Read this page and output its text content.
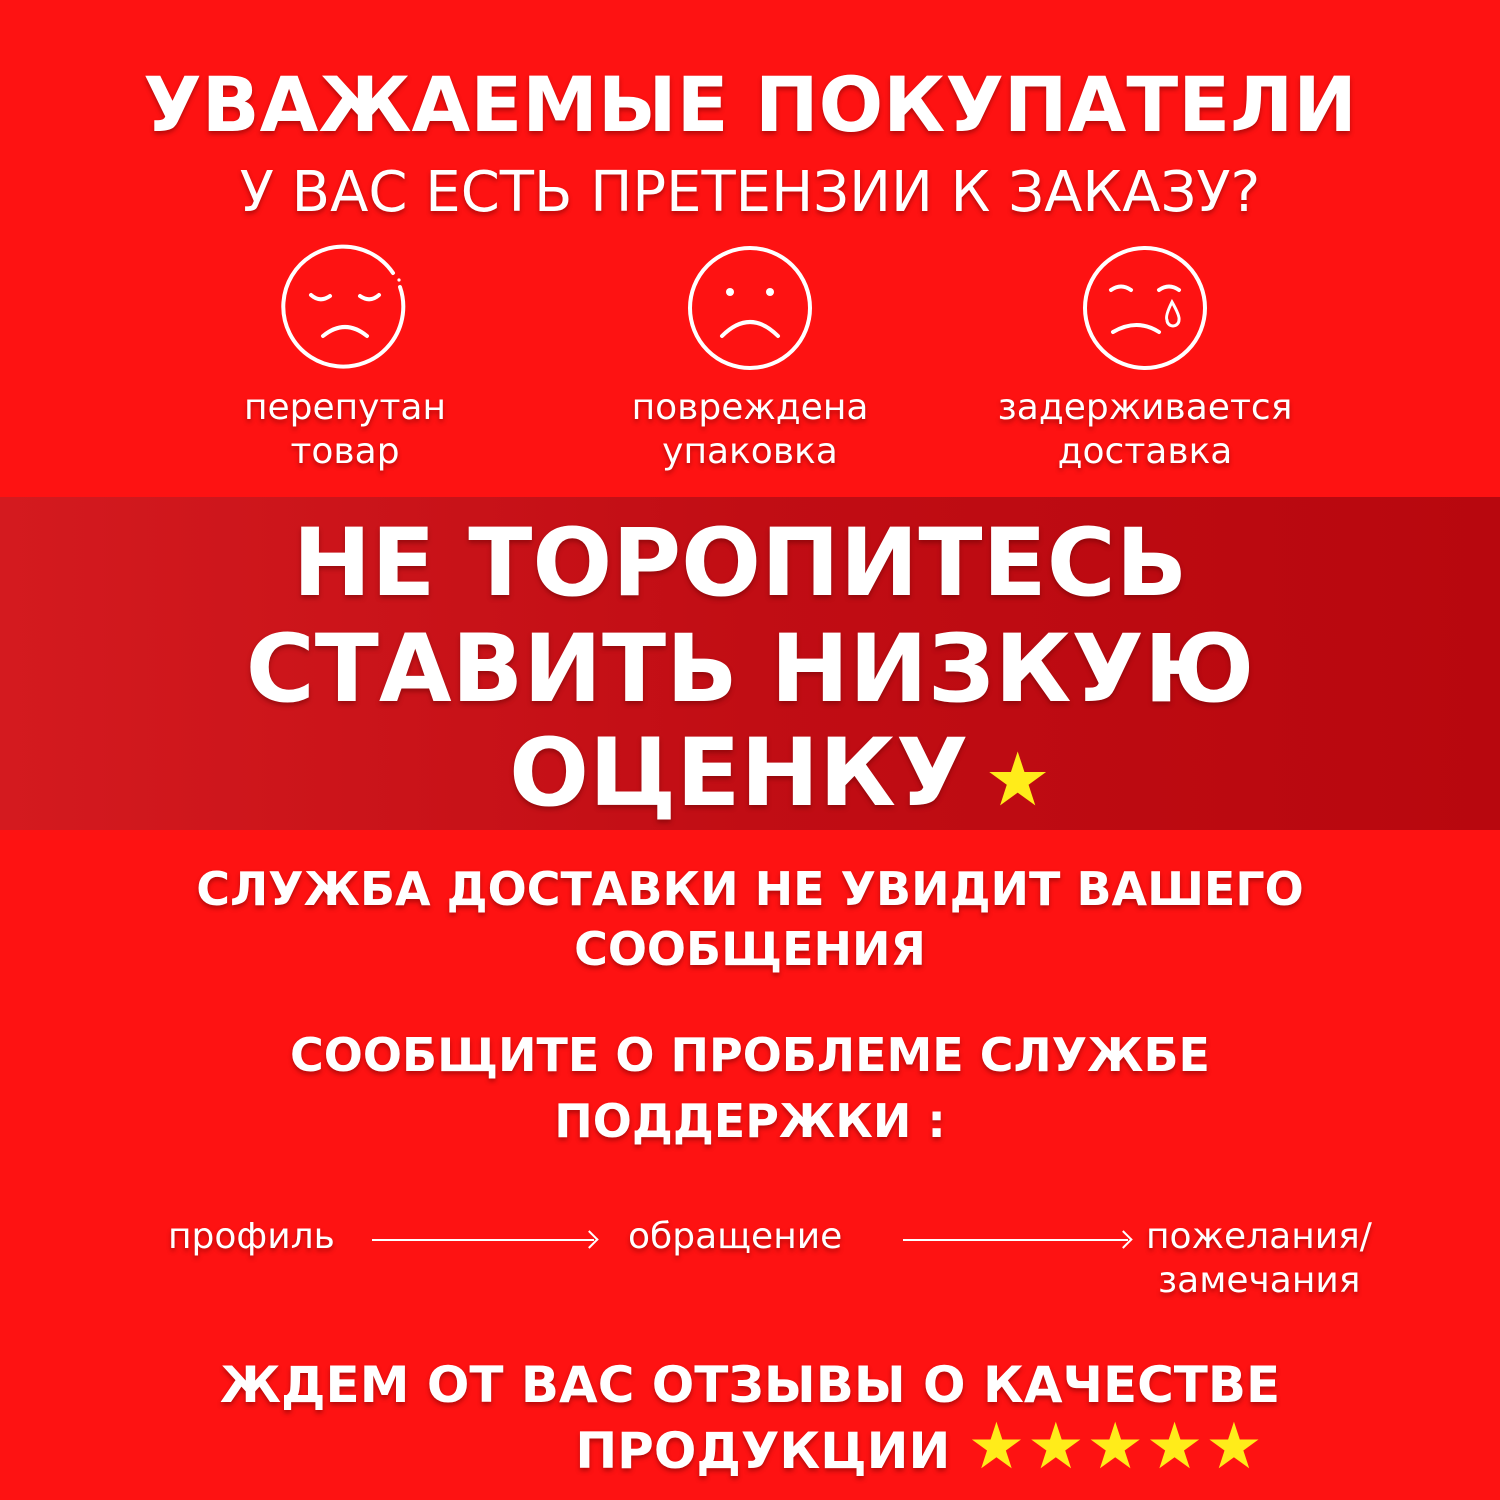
УВАЖАЕМЫЕ ПОКУПАТЕЛИ
У ВАС ЕСТЬ ПРЕТЕНЗИИ К ЗАКАЗУ?
перепутан
товар
повреждена
упаковка
задерживается
доставка
НЕ ТОРОПИТЕСЬ
СТАВИТЬ НИЗКУЮ
ОЦЕНКУ ★
СЛУЖБА ДОСТАВКИ НЕ УВИДИТ ВАШЕГО
СООБЩЕНИЯ
СООБЩИТЕ О ПРОБЛЕМЕ СЛУЖБЕ
ПОДДЕРЖКИ :
профиль	обращение	пожелания/
замечания
ЖДЕМ ОТ ВАС ОТЗЫВЫ О КАЧЕСТВЕ
ПРОДУКЦИИ ★★★★★
